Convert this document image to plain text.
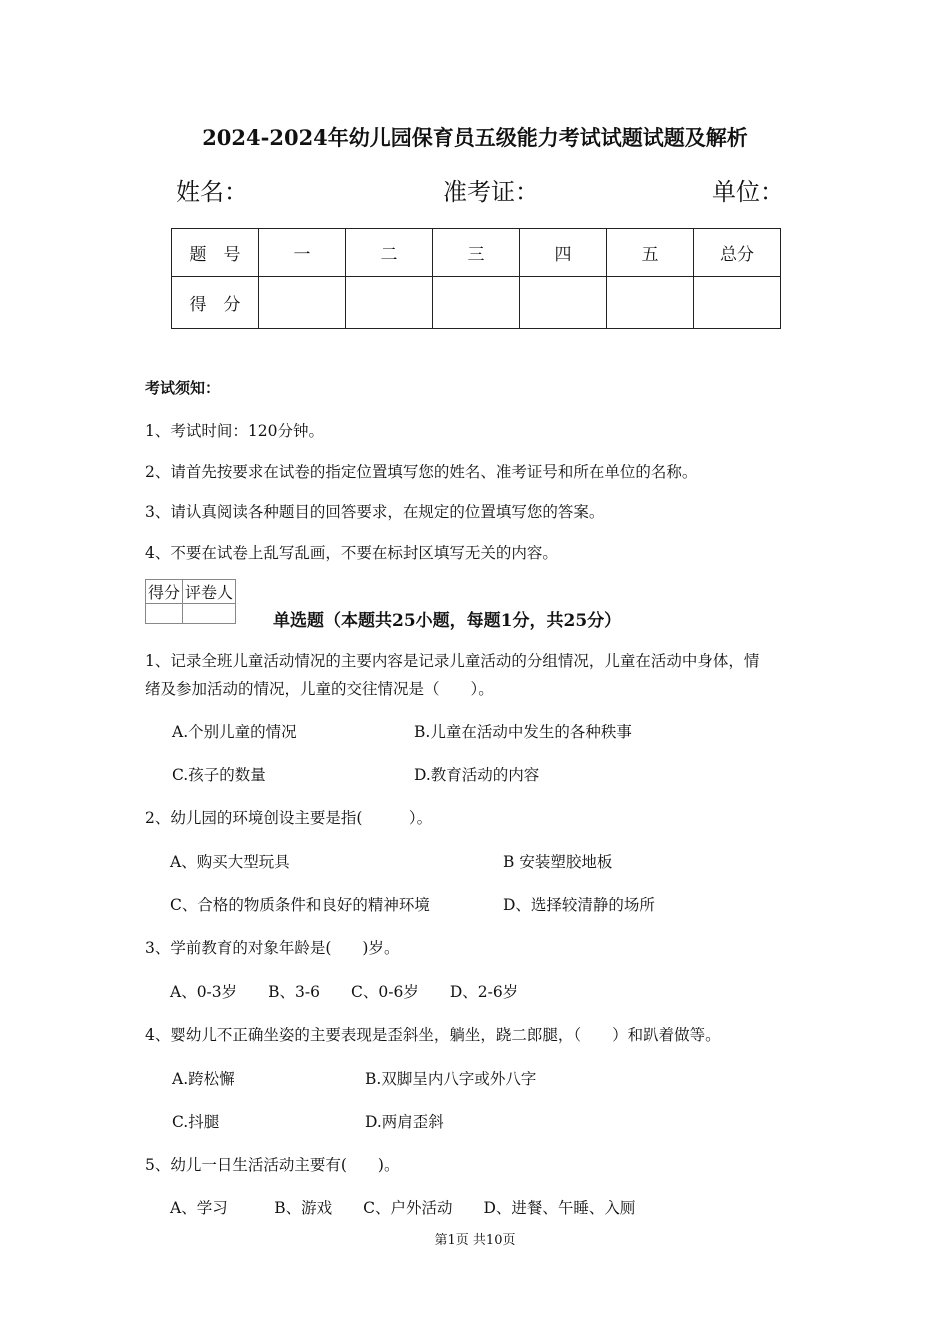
2024-2024年幼儿园保育员五级能力考试试题试题及解析
姓名：	准考证：	单位：
题　号	一	二	三	四	五	总分
得　分						
考试须知：
1、考试时间：120分钟。
2、请首先按要求在试卷的指定位置填写您的姓名、准考证号和所在单位的名称。
3、请认真阅读各种题目的回答要求，在规定的位置填写您的答案。
4、不要在试卷上乱写乱画，不要在标封区填写无关的内容。
得分	评卷人

单选题（本题共25小题，每题1分，共25分）
1、记录全班儿童活动情况的主要内容是记录儿童活动的分组情况，儿童在活动中身体，情
绪及参加活动的情况，儿童的交往情况是（　　）。
A.个别儿童的情况	B.儿童在活动中发生的各种秩事
C.孩子的数量	D.教育活动的内容
2、幼儿园的环境创设主要是指(　　　）。
A、购买大型玩具	B 安装塑胶地板
C、合格的物质条件和良好的精神环境	D、选择较清静的场所
3、学前教育的对象年龄是(　　)岁。
A、0-3岁　　B、3-6　　C、0-6岁　　D、2-6岁
4、婴幼儿不正确坐姿的主要表现是歪斜坐，躺坐，跷二郎腿，（　　）和趴着做等。
A.跨松懈	B.双脚呈内八字或外八字
C.抖腿	D.两肩歪斜
5、幼儿一日生活活动主要有(　　)。
A、学习　　　B、游戏　　C、户外活动　　D、进餐、午睡、入厕
第1页 共10页
